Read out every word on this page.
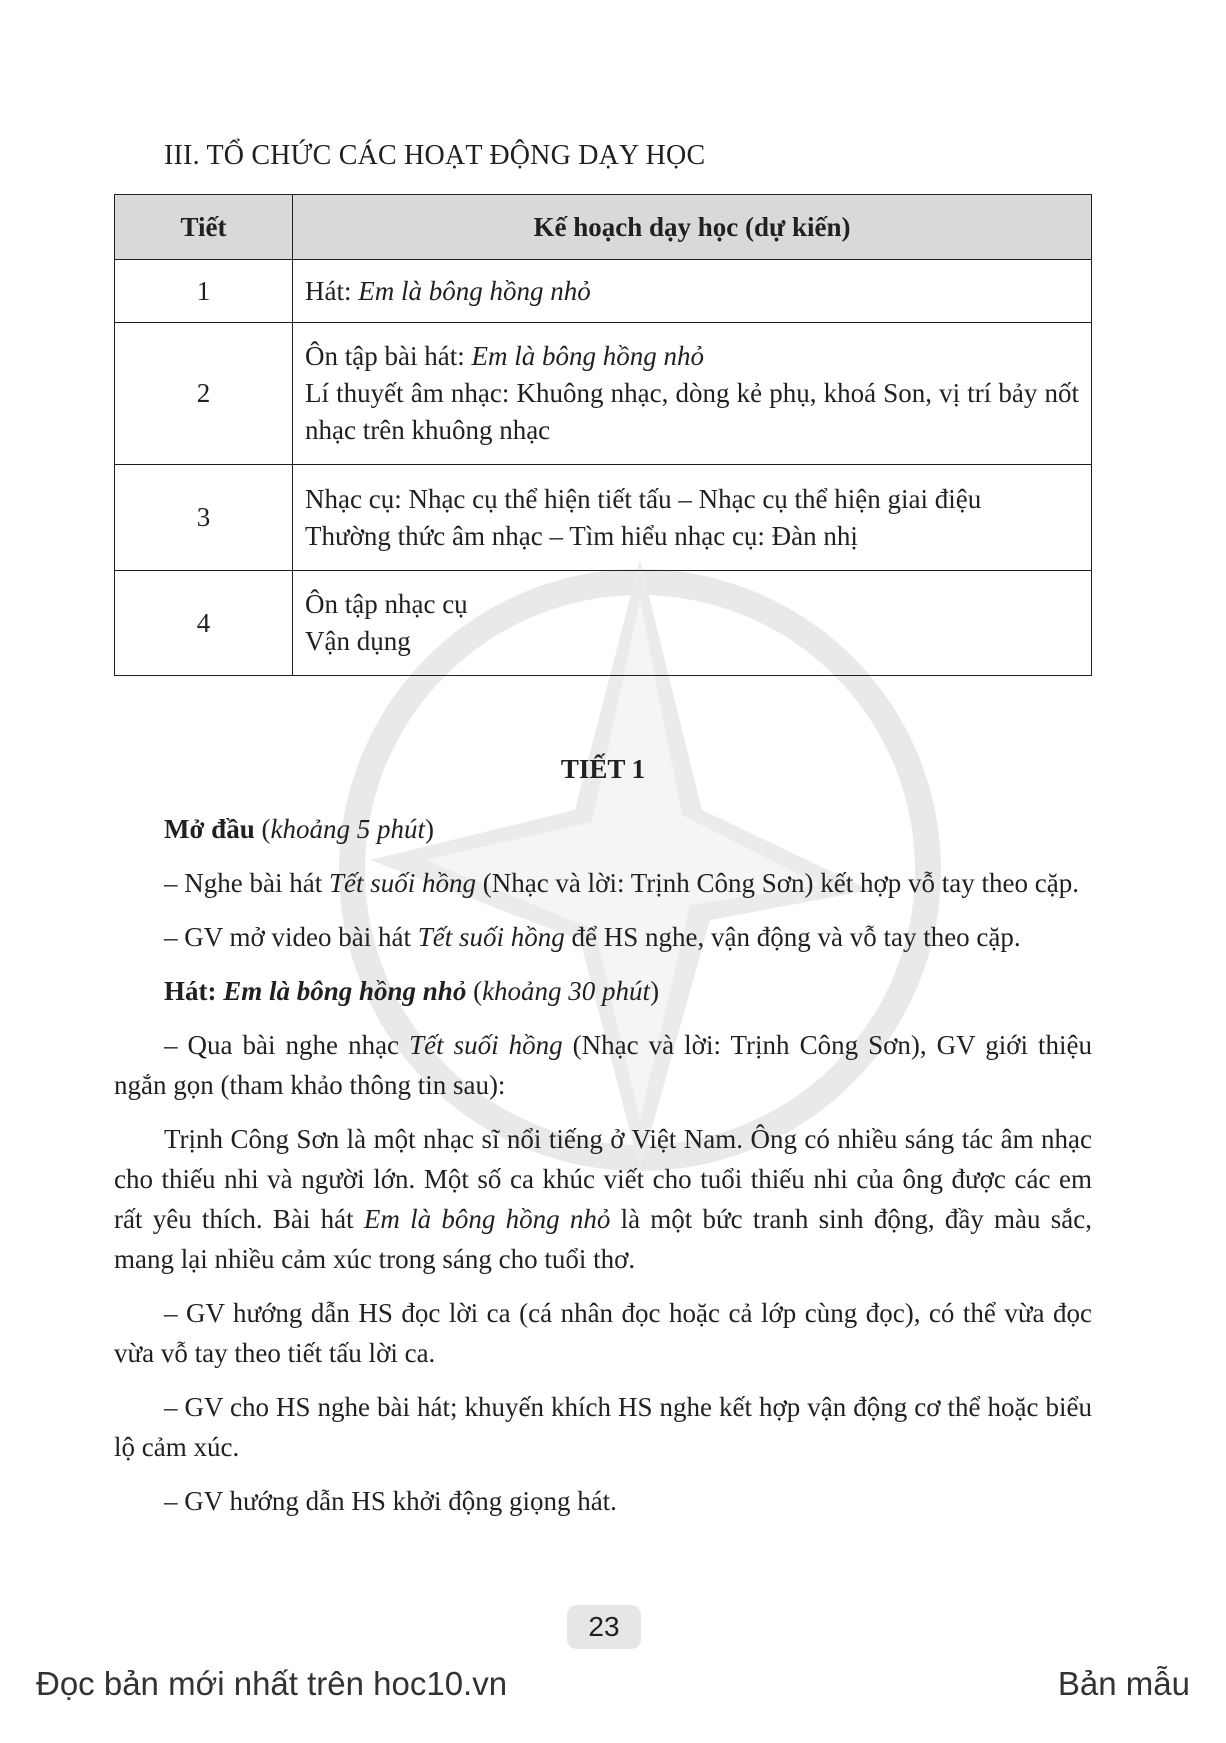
III. TỔ CHỨC CÁC HOẠT ĐỘNG DẠY HỌC
Tiết	Kế hoạch dạy học (dự kiến)
1	Hát: Em là bông hồng nhỏ

2	Ôn tập bài hát: Em là bông hồng nhỏ
Lí thuyết âm nhạc: Khuông nhạc, dòng kẻ phụ, khoá Son, vị trí bảy nốt nhạc trên khuông nhạc

3	Nhạc cụ: Nhạc cụ thể hiện tiết tấu – Nhạc cụ thể hiện giai điệu
Thường thức âm nhạc – Tìm hiểu nhạc cụ: Đàn nhị

4	Ôn tập nhạc cụ
Vận dụng
TIẾT 1

Mở đầu (khoảng 5 phút)

– Nghe bài hát Tết suối hồng (Nhạc và lời: Trịnh Công Sơn) kết hợp vỗ tay theo cặp.

– GV mở video bài hát Tết suối hồng để HS nghe, vận động và vỗ tay theo cặp.

Hát: Em là bông hồng nhỏ (khoảng 30 phút)

– Qua bài nghe nhạc Tết suối hồng (Nhạc và lời: Trịnh Công Sơn), GV giới thiệu ngắn gọn (tham khảo thông tin sau):

Trịnh Công Sơn là một nhạc sĩ nổi tiếng ở Việt Nam. Ông có nhiều sáng tác âm nhạc cho thiếu nhi và người lớn. Một số ca khúc viết cho tuổi thiếu nhi của ông được các em rất yêu thích. Bài hát Em là bông hồng nhỏ là một bức tranh sinh động, đầy màu sắc, mang lại nhiều cảm xúc trong sáng cho tuổi thơ.

– GV hướng dẫn HS đọc lời ca (cá nhân đọc hoặc cả lớp cùng đọc), có thể vừa đọc vừa vỗ tay theo tiết tấu lời ca.

– GV cho HS nghe bài hát; khuyến khích HS nghe kết hợp vận động cơ thể hoặc biểu lộ cảm xúc.

– GV hướng dẫn HS khởi động giọng hát.

23
Đọc bản mới nhất trên hoc10.vn	Bản mẫu
